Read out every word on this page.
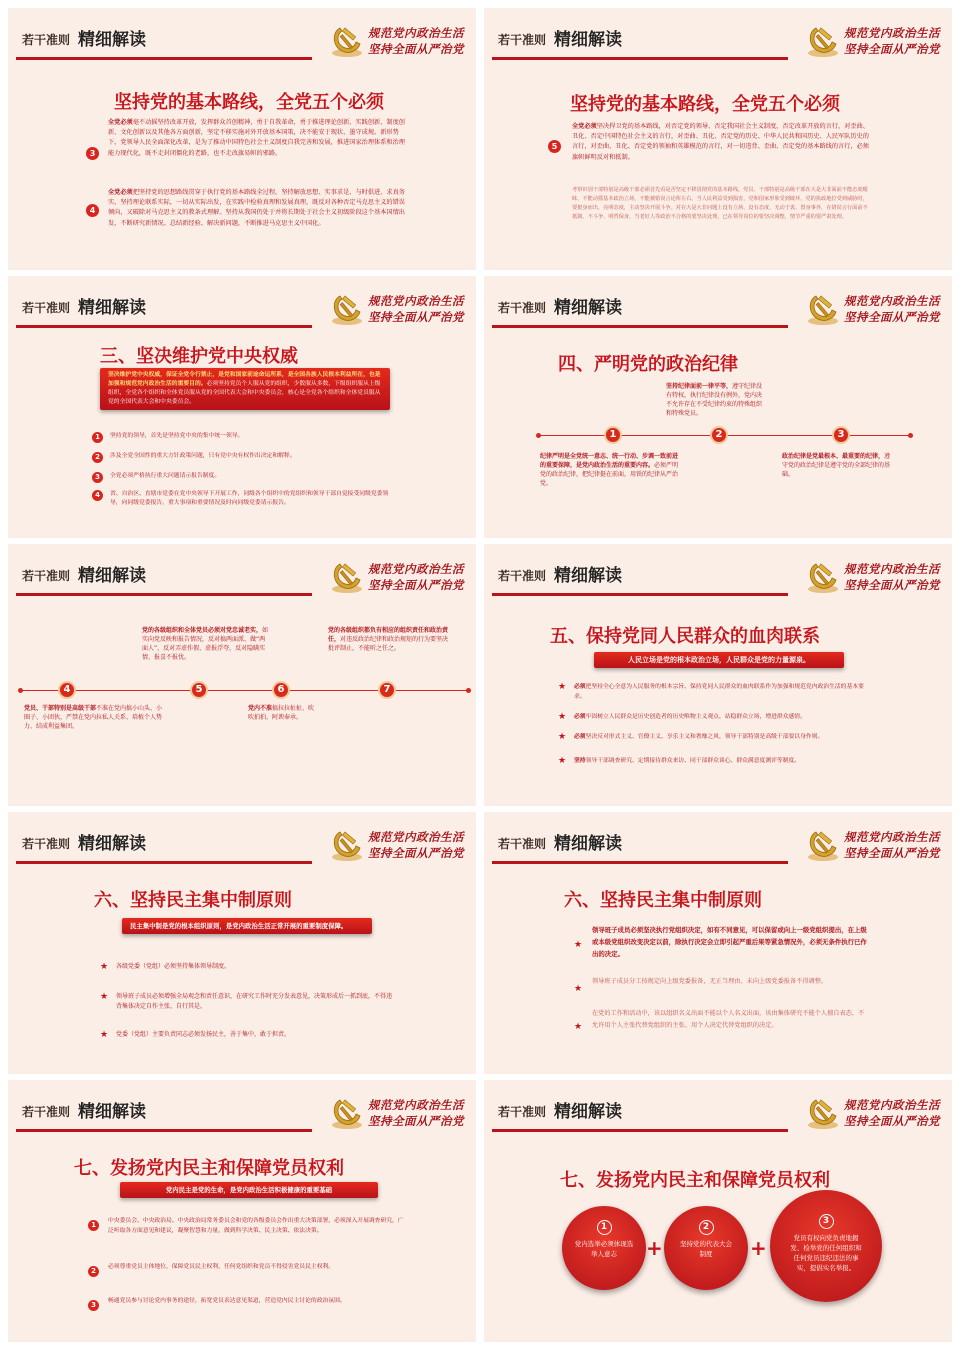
若干准则 精细解读	规范党内政治生活
坚持全面从严治党
坚持党的基本路线，全党五个必须
3
全党必须毫不动摇坚持改革开放，发挥群众首创精神，勇于自我革命，勇于推进理论创新、实践创新、制度创新、文化创新以及其他各方面创新，坚定不移实施对外开放基本国策，决不能安于现状、墨守成规。新形势下，党领导人民全面深化改革，是为了推动中国特色社会主义制度自我完善和发展，推进国家治理体系和治理能力现代化，既不走封闭僵化的老路，也不走改旗易帜的邪路。
4
全党必须把坚持党的思想路线贯穿于执行党的基本路线全过程，坚持解放思想、实事求是、与时俱进、求真务实，坚持理论联系实际，一切从实际出发，在实践中检验真理和发展真理，既反对各种否定马克思主义的错误倾向，又破除对马克思主义的教条式理解。坚持从我国仍处于并将长期处于社会主义初级阶段这个基本国情出发，不断研究新情况、总结新经验、解决新问题，不断推进马克思主义中国化。
若干准则 精细解读	规范党内政治生活
坚持全面从严治党
坚持党的基本路线，全党五个必须
5
全党必须坚决捍卫党的基本路线，对否定党的领导、否定我国社会主义制度，否定改革开放的言行，对歪曲、丑化、否定中国特色社会主义的言行，对歪曲、丑化、否定党的历史、中华人民共和国历史、人民军队历史的言行，对歪曲、丑化、否定党的领袖和英雄模范的言行，对一切违背、歪曲、否定党的基本路线的言行，必须旗帜鲜明反对和抵制。
考察识别干部特别是高级干部必须首先看是否坚定不移贯彻党的基本路线。党员、干部特别是高级干部在大是大非面前不能态度暧昧，不能动摇基本政治立场，不能被错误言论所左右。当人民利益受到损害，党和国家形象受到破坏，党的执政地位受到威胁时，要挺身而出，亮明态度，主动坚决开展斗争。对在大是大非问题上没有立场、没有态度、无动于衷、置身事外，在错误言行面前不抵制、不斗争、明哲保身，当老好人等政治不合格的要坚决处理，已在领导岗位的要坚决调整，情节严重的要严肃处理。
若干准则 精细解读	规范党内政治生活
坚持全面从严治党
三、坚决维护党中央权威
坚决维护党中央权威，保证全党令行禁止，是党和国家前途命运所系，是全国各族人民根本利益所在，也是加强和规范党内政治生活的重要目的。必须坚持党员个人服从党的组织，少数服从多数，下级组织服从上级组织，全党各个组织和全体党员服从党的全国代表大会和中央委员会，核心是全党各个组织和全体党员服从党的全国代表大会和中央委员会。
1	坚持党的领导，首先是坚持党中央的集中统一领导。
2	涉及全党全国性的重大方针政策问题，只有党中央有权作出决定和解释。
3	全党必须严格执行重大问题请示报告制度。
4	省、自治区、直辖市党委在党中央领导下开展工作，同级各个组织中的党组织和领导干部自觉接受同级党委领导，向同级党委报告，重大事项和重要情况及时向同级党委请示报告。
若干准则 精细解读	规范党内政治生活
坚持全面从严治党
四、严明党的政治纪律
坚持纪律面前一律平等，遵守纪律没有特权，执行纪律没有例外，党内决不允许存在不受纪律约束的特殊组织和特殊党员。
1	2	3
纪律严明是全党统一意志、统一行动、步调一致前进的重要保障，是党内政治生活的重要内容。必须严明党的政治纪律，把纪律挺在前面，用铁的纪律从严治党。
政治纪律是党最根本、最重要的纪律，遵守党的政治纪律是遵守党的全部纪律的基础。
若干准则 精细解读	规范党内政治生活
坚持全面从严治党
党的各级组织和全体党员必须对党忠诚老实，如实向党反映和报告情况，反对搞两面派、做“两面人”，反对弄虚作假、虚报浮夸，反对隐瞒实情、报喜不报忧。
党的各级组织都负有相应的组织责任和政治责任，对违反政治纪律和政治规矩的行为要坚决批评制止，不能听之任之。
4	5	6	7
党员、干部特别是高级干部不准在党内搞小山头、小圈子、小团伙，严禁在党内拉私人关系、培植个人势力、结成利益集团。
党内不准搞拉拉扯扯、吹吹拍拍、阿谀奉承。
若干准则 精细解读	规范党内政治生活
坚持全面从严治党
五、保持党同人民群众的血肉联系
人民立场是党的根本政治立场，人民群众是党的力量源泉。
★ 必须把坚持全心全意为人民服务的根本宗旨、保持党同人民群众的血肉联系作为加强和规范党内政治生活的基本要求。
★ 必须牢固树立人民群众是历史创造者的历史唯物主义观点，站稳群众立场，增进群众感情。
★ 必须坚决反对形式主义、官僚主义、享乐主义和奢靡之风，领导干部特别是高级干部要以身作则。
★ 坚持领导干部调查研究、定期接待群众来访、同干部群众谈心、群众满意度测评等制度。
若干准则 精细解读	规范党内政治生活
坚持全面从严治党
六、坚持民主集中制原则
民主集中制是党的根本组织原则，是党内政治生活正常开展的重要制度保障。
★ 各级党委（党组）必须坚持集体领导制度。
★ 领导班子成员必须增强全局观念和责任意识，在研究工作时充分发表意见，决策形成后一抓到底，不得违背集体决定自作主张、自行其是。
★ 党委（党组）主要负责同志必须发扬民主，善于集中，敢于担责。
若干准则 精细解读	规范党内政治生活
坚持全面从严治党
六、坚持民主集中制原则
★
领导班子成员必须坚决执行党组织决定，如有不同意见，可以保留或向上一级党组织提出，在上级或本级党组织改变决定以前，除执行决定会立即引起严重后果等紧急情况外，必须无条件执行已作出的决定。
★
领导班子成员分工按规定向上级党委报备，无正当理由、未向上级党委报备不得调整。
★
在党的工作和活动中，该以组织名义出面不能以个人名义出面，该由集体研究不能个人擅自表态，不允许用个人主张代替党组织的主张、用个人决定代替党组织的决定。
若干准则 精细解读	规范党内政治生活
坚持全面从严治党
七、发扬党内民主和保障党员权利
党内民主是党的生命，是党内政治生活积极健康的重要基础
1	中央委员会、中央政治局、中央政治局常务委员会和党的各级委员会作出重大决策部署，必须深入开展调查研究，广泛听取各方面意见和建议，凝聚智慧和力量，做到科学决策、民主决策、依法决策。
2	必须尊重党员主体地位，保障党员民主权利，任何党组织和党员不得侵害党员民主权利。
3	畅通党员参与讨论党内事务的途径，拓宽党员表达意见渠道，营造党内民主讨论的政治氛围。
若干准则 精细解读	规范党内政治生活
坚持全面从严治党
七、发扬党内民主和保障党员权利
1
党内选举必须体现选举人意志	+
2
坚持党的代表大会制度	+
3
党员有权向党负责地揭发、检举党的任何组织和任何党员违纪违法的事实，提倡实名举报。
